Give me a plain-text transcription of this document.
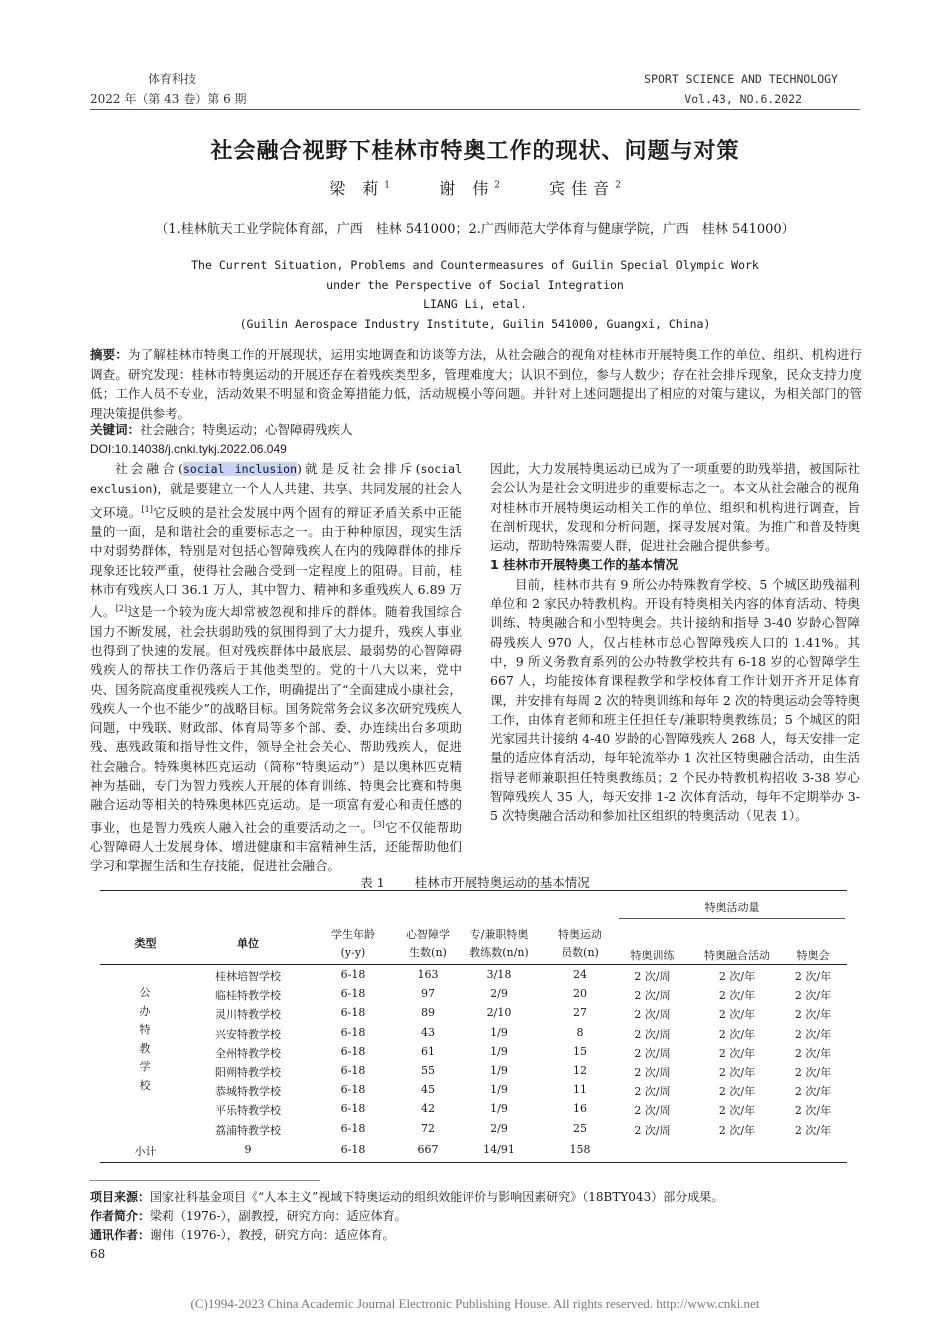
体育科技
2022 年（第 43 卷）第 6 期
SPORT SCIENCE AND TECHNOLOGY
Vol.43, NO.6.2022
社会融合视野下桂林市特奥工作的现状、问题与对策
梁 莉$^1$	谢 伟$^2$	宾佳音$^2$
（1.桂林航天工业学院体育部，广西　桂林 541000；2.广西师范大学体育与健康学院，广西　桂林 541000）
The Current Situation, Problems and Countermeasures of Guilin Special Olympic Work
under the Perspective of Social Integration
LIANG Li, etal.
(Guilin Aerospace Industry Institute, Guilin 541000, Guangxi, China)
摘要：为了解桂林市特奥工作的开展现状，运用实地调查和访谈等方法，从社会融合的视角对桂林市开展特奥工作的单位、组织、机构进行调查。研究发现：桂林市特奥运动的开展还存在着残疾类型多，管理难度大；认识不到位，参与人数少；存在社会排斥现象，民众支持力度低；工作人员不专业，活动效果不明显和资金筹措能力低，活动规模小等问题。并针对上述问题提出了相应的对策与建议，为相关部门的管理决策提供参考。
关键词：社会融合；特奥运动；心智障碍残疾人
DOI:10.14038/j.cnki.tykj.2022.06.049

社会融合(social inclusion)就是反社会排斥(social exclusion)，就是要建立一个人人共建、共享、共同发展的社会人文环境。[1]它反映的是社会发展中两个固有的辩证矛盾关系中正能量的一面，是和谐社会的重要标志之一。由于种种原因，现实生活中对弱势群体，特别是对包括心智障残疾人在内的残障群体的排斥现象还比较严重，使得社会融合受到一定程度上的阻碍。目前，桂林市有残疾人口 36.1 万人，其中智力、精神和多重残疾人 6.89 万人。[2]这是一个较为庞大却常被忽视和排斥的群体。随着我国综合国力不断发展，社会扶弱助残的氛围得到了大力提升，残疾人事业也得到了快速的发展。但对残疾群体中最底层、最弱势的心智障碍残疾人的帮扶工作仍落后于其他类型的。党的十八大以来，党中央、国务院高度重视残疾人工作，明确提出了“全面建成小康社会，残疾人一个也不能少”的战略目标。国务院常务会议多次研究残疾人问题，中残联、财政部、体育局等多个部、委、办连续出台多项助残、惠残政策和指导性文件，领导全社会关心、帮助残疾人，促进社会融合。特殊奥林匹克运动（简称“特奥运动”）是以奥林匹克精神为基础，专门为智力残疾人开展的体育训练、特奥会比赛和特奥融合运动等相关的特殊奥林匹克运动。是一项富有爱心和责任感的事业，也是智力残疾人融入社会的重要活动之一。[3]它不仅能帮助心智障碍人士发展身体、增进健康和丰富精神生活，还能帮助他们学习和掌握生活和生存技能，促进社会融合。

因此，大力发展特奥运动已成为了一项重要的助残举措，被国际社会公认为是社会文明进步的重要标志之一。本文从社会融合的视角对桂林市开展特奥运动相关工作的单位、组织和机构进行调查，旨在剖析现状，发现和分析问题，探寻发展对策。为推广和普及特奥运动，帮助特殊需要人群，促进社会融合提供参考。

1 桂林市开展特奥工作的基本情况

目前，桂林市共有 9 所公办特殊教育学校、5 个城区助残福利单位和 2 家民办特教机构。开设有特奥相关内容的体育活动、特奥训练、特奥融合和小型特奥会。共计接纳和指导 3-40 岁龄心智障碍残疾人 970 人，仅占桂林市总心智障残疾人口的 1.41%。其中，9 所义务教育系列的公办特教学校共有 6-18 岁的心智障学生 667 人，均能按体育课程教学和学校体育工作计划开齐开足体育课，并安排有每周 2 次的特奥训练和每年 2 次的特奥运动会等特奥工作，由体育老师和班主任担任专/兼职特奥教练员；5 个城区的阳光家园共计接纳 4-40 岁龄的心智障残疾人 268 人，每天安排一定量的适应体育活动，每年轮流举办 1 次社区特奥融合活动，由生活指导老师兼职担任特奥教练员；2 个民办特教机构招收 3-38 岁心智障残疾人 35 人，每天安排 1-2 次体育活动，每年不定期举办 3-5 次特奥融合活动和参加社区组织的特奥活动（见表 1）。

表 1 桂林市开展特奥运动的基本情况
类型	单位
学生年龄
(y-y)
心智障学
生数(n)
专/兼职特奥
教练数(n/n)
特奥运动
员数(n)
特奥活动量
特奥训练	特奥融合活动	特奥会
公
办
特
教
学
校
桂林培智学校	6-18	163	3/18	24	2 次/周	2 次/年	2 次/年
临桂特教学校	6-18	97	2/9	20	2 次/周	2 次/年	2 次/年
灵川特教学校	6-18	89	2/10	27	2 次/周	2 次/年	2 次/年
兴安特教学校	6-18	43	1/9	8	2 次/周	2 次/年	2 次/年
全州特教学校	6-18	61	1/9	15	2 次/周	2 次/年	2 次/年
阳朔特教学校	6-18	55	1/9	12	2 次/周	2 次/年	2 次/年
恭城特教学校	6-18	45	1/9	11	2 次/周	2 次/年	2 次/年
平乐特教学校	6-18	42	1/9	16	2 次/周	2 次/年	2 次/年
荔浦特教学校	6-18	72	2/9	25	2 次/周	2 次/年	2 次/年
小计	9	6-18	667	14/91	158
项目来源：国家社科基金项目《“人本主义”视域下特奥运动的组织效能评价与影响因素研究》（18BTY043）部分成果。
作者简介：梁莉（1976-），副教授，研究方向：适应体育。
通讯作者：谢伟（1976-），教授，研究方向：适应体育。
68
(C)1994-2023 China Academic Journal Electronic Publishing House. All rights reserved. http://www.cnki.net
